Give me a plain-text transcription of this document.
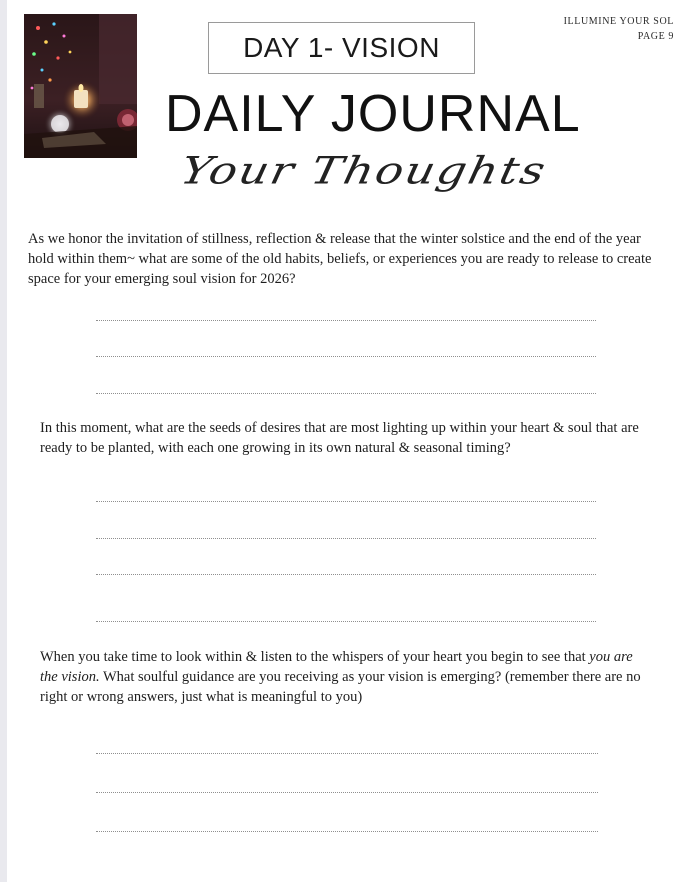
ILLUMINE YOUR SOL
PAGE 9
DAY 1- VISION
DAILY JOURNAL
Your Thoughts
As we honor the invitation of stillness, reflection & release that the winter solstice and the end of the year hold within them~ what are some of the old habits, beliefs, or experiences you are ready to release to create space for your emerging soul vision for 2026?
In this moment, what are the seeds of desires that are most lighting up within your heart & soul that are ready to be planted, with each one growing in its own natural & seasonal timing?
When you take time to look within & listen to the whispers of your heart you begin to see that you are the vision. What soulful guidance are you receiving as your vision is emerging? (remember there are no right or wrong answers, just what is meaningful to you)
